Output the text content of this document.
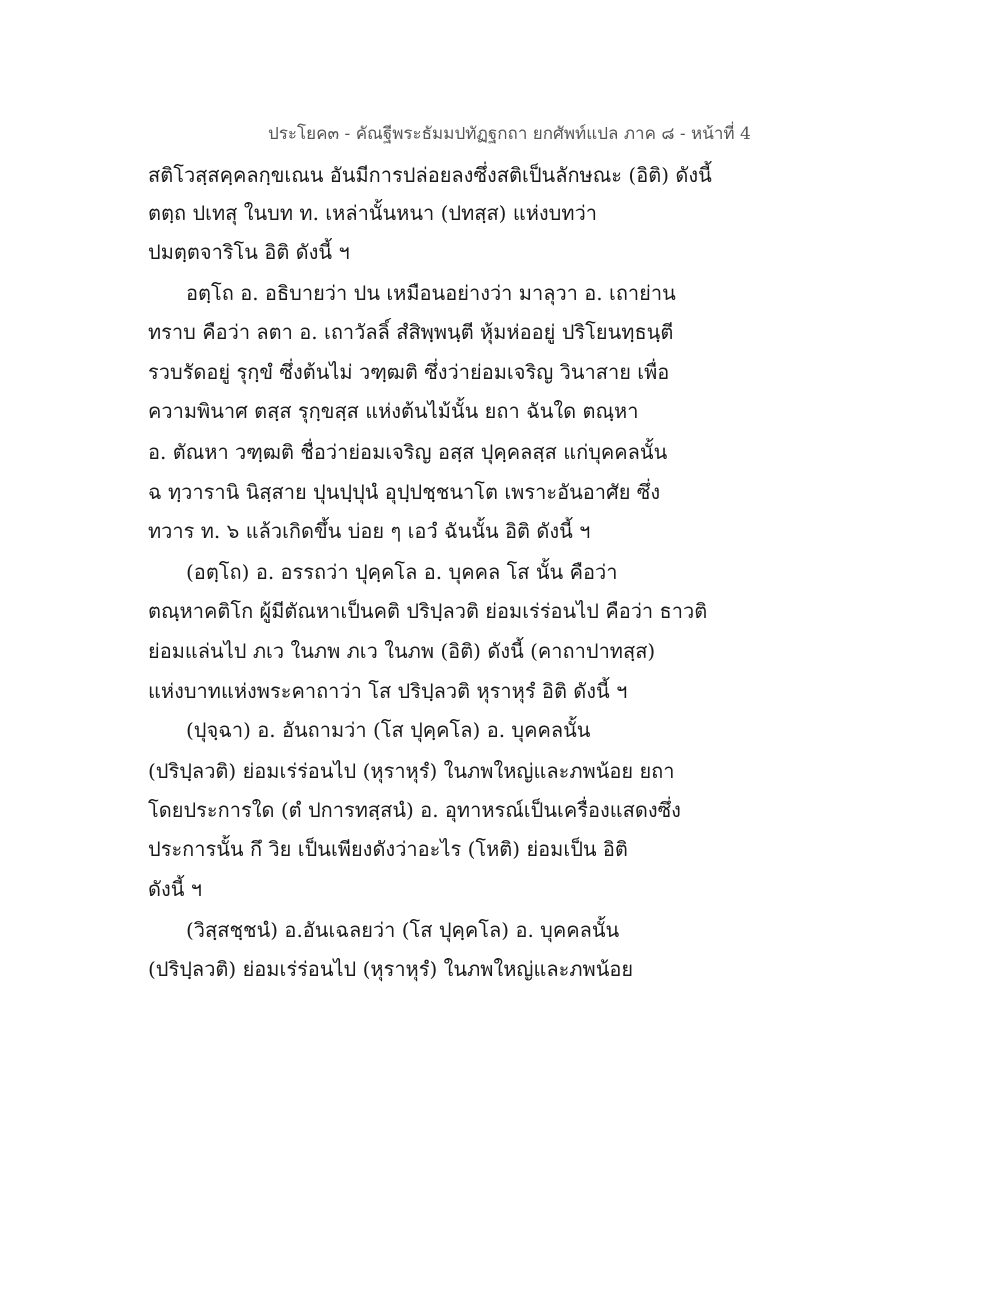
ประโยค๓ - คัณฐีพระธัมมปทัฏฐกถา ยกศัพท์แปล ภาค ๘ - หน้าที่ 4
สติโวสฺสคฺคลกฺขเณน อันมีการปล่อยลงซึ่งสติเป็นลักษณะ (อิติ) ดังนี้
ตตฺถ ปเทสุ ในบท ท. เหล่านั้นหนา (ปทสฺส) แห่งบทว่า
ปมตฺตจาริโน อิติ ดังนี้ ฯ
อตฺโถ อ. อธิบายว่า ปน เหมือนอย่างว่า มาลุวา อ. เถาย่าน
ทราบ คือว่า ลตา อ. เถาวัลลิ์ สํสิพฺพนฺตี หุ้มห่ออยู่ ปริโยนทฺธนฺตี
รวบรัดอยู่ รุกฺขํ ซึ่งต้นไม่ วฑฺฒติ ซึ่งว่าย่อมเจริญ วินาสาย เพื่อ
ความพินาศ ตสฺส รุกฺขสฺส แห่งต้นไม้นั้น ยถา ฉันใด ตณฺหา
อ. ตัณหา วฑฺฒติ ชื่อว่าย่อมเจริญ อสฺส ปุคฺคลสฺส แก่บุคคลนั้น
ฉ ทฺวารานิ นิสฺสาย ปุนปฺปุนํ อุปฺปชฺชนาโต เพราะอันอาศัย ซึ่ง
ทวาร ท. ๖ แล้วเกิดขึ้น บ่อย ๆ เอวํ ฉันนั้น อิติ ดังนี้ ฯ
(อตฺโถ) อ. อรรถว่า ปุคฺคโล อ. บุคคล โส นั้น คือว่า
ตณฺหาคติโก ผู้มีตัณหาเป็นคติ ปริปฺลวติ ย่อมเร่ร่อนไป คือว่า ธาวติ
ย่อมแล่นไป ภเว ในภพ ภเว ในภพ (อิติ) ดังนี้ (คาถาปาทสฺส)
แห่งบาทแห่งพระคาถาว่า โส ปริปฺลวติ หุราหุรํ อิติ ดังนี้ ฯ
(ปุจฺฉา) อ. อันถามว่า (โส ปุคฺคโล) อ. บุคคลนั้น
(ปริปฺลวติ) ย่อมเร่ร่อนไป (หุราหุรํ) ในภพใหญ่และภพน้อย ยถา
โดยประการใด (ตํ ปการทสฺสนํ) อ. อุทาหรณ์เป็นเครื่องแสดงซึ่ง
ประการนั้น กึ วิย เป็นเพียงดังว่าอะไร (โหติ) ย่อมเป็น อิติ
ดังนี้ ฯ
(วิสฺสชฺชนํ) อ.อันเฉลยว่า (โส ปุคฺคโล) อ. บุคคลนั้น
(ปริปฺลวติ) ย่อมเร่ร่อนไป (หุราหุรํ) ในภพใหญ่และภพน้อย
